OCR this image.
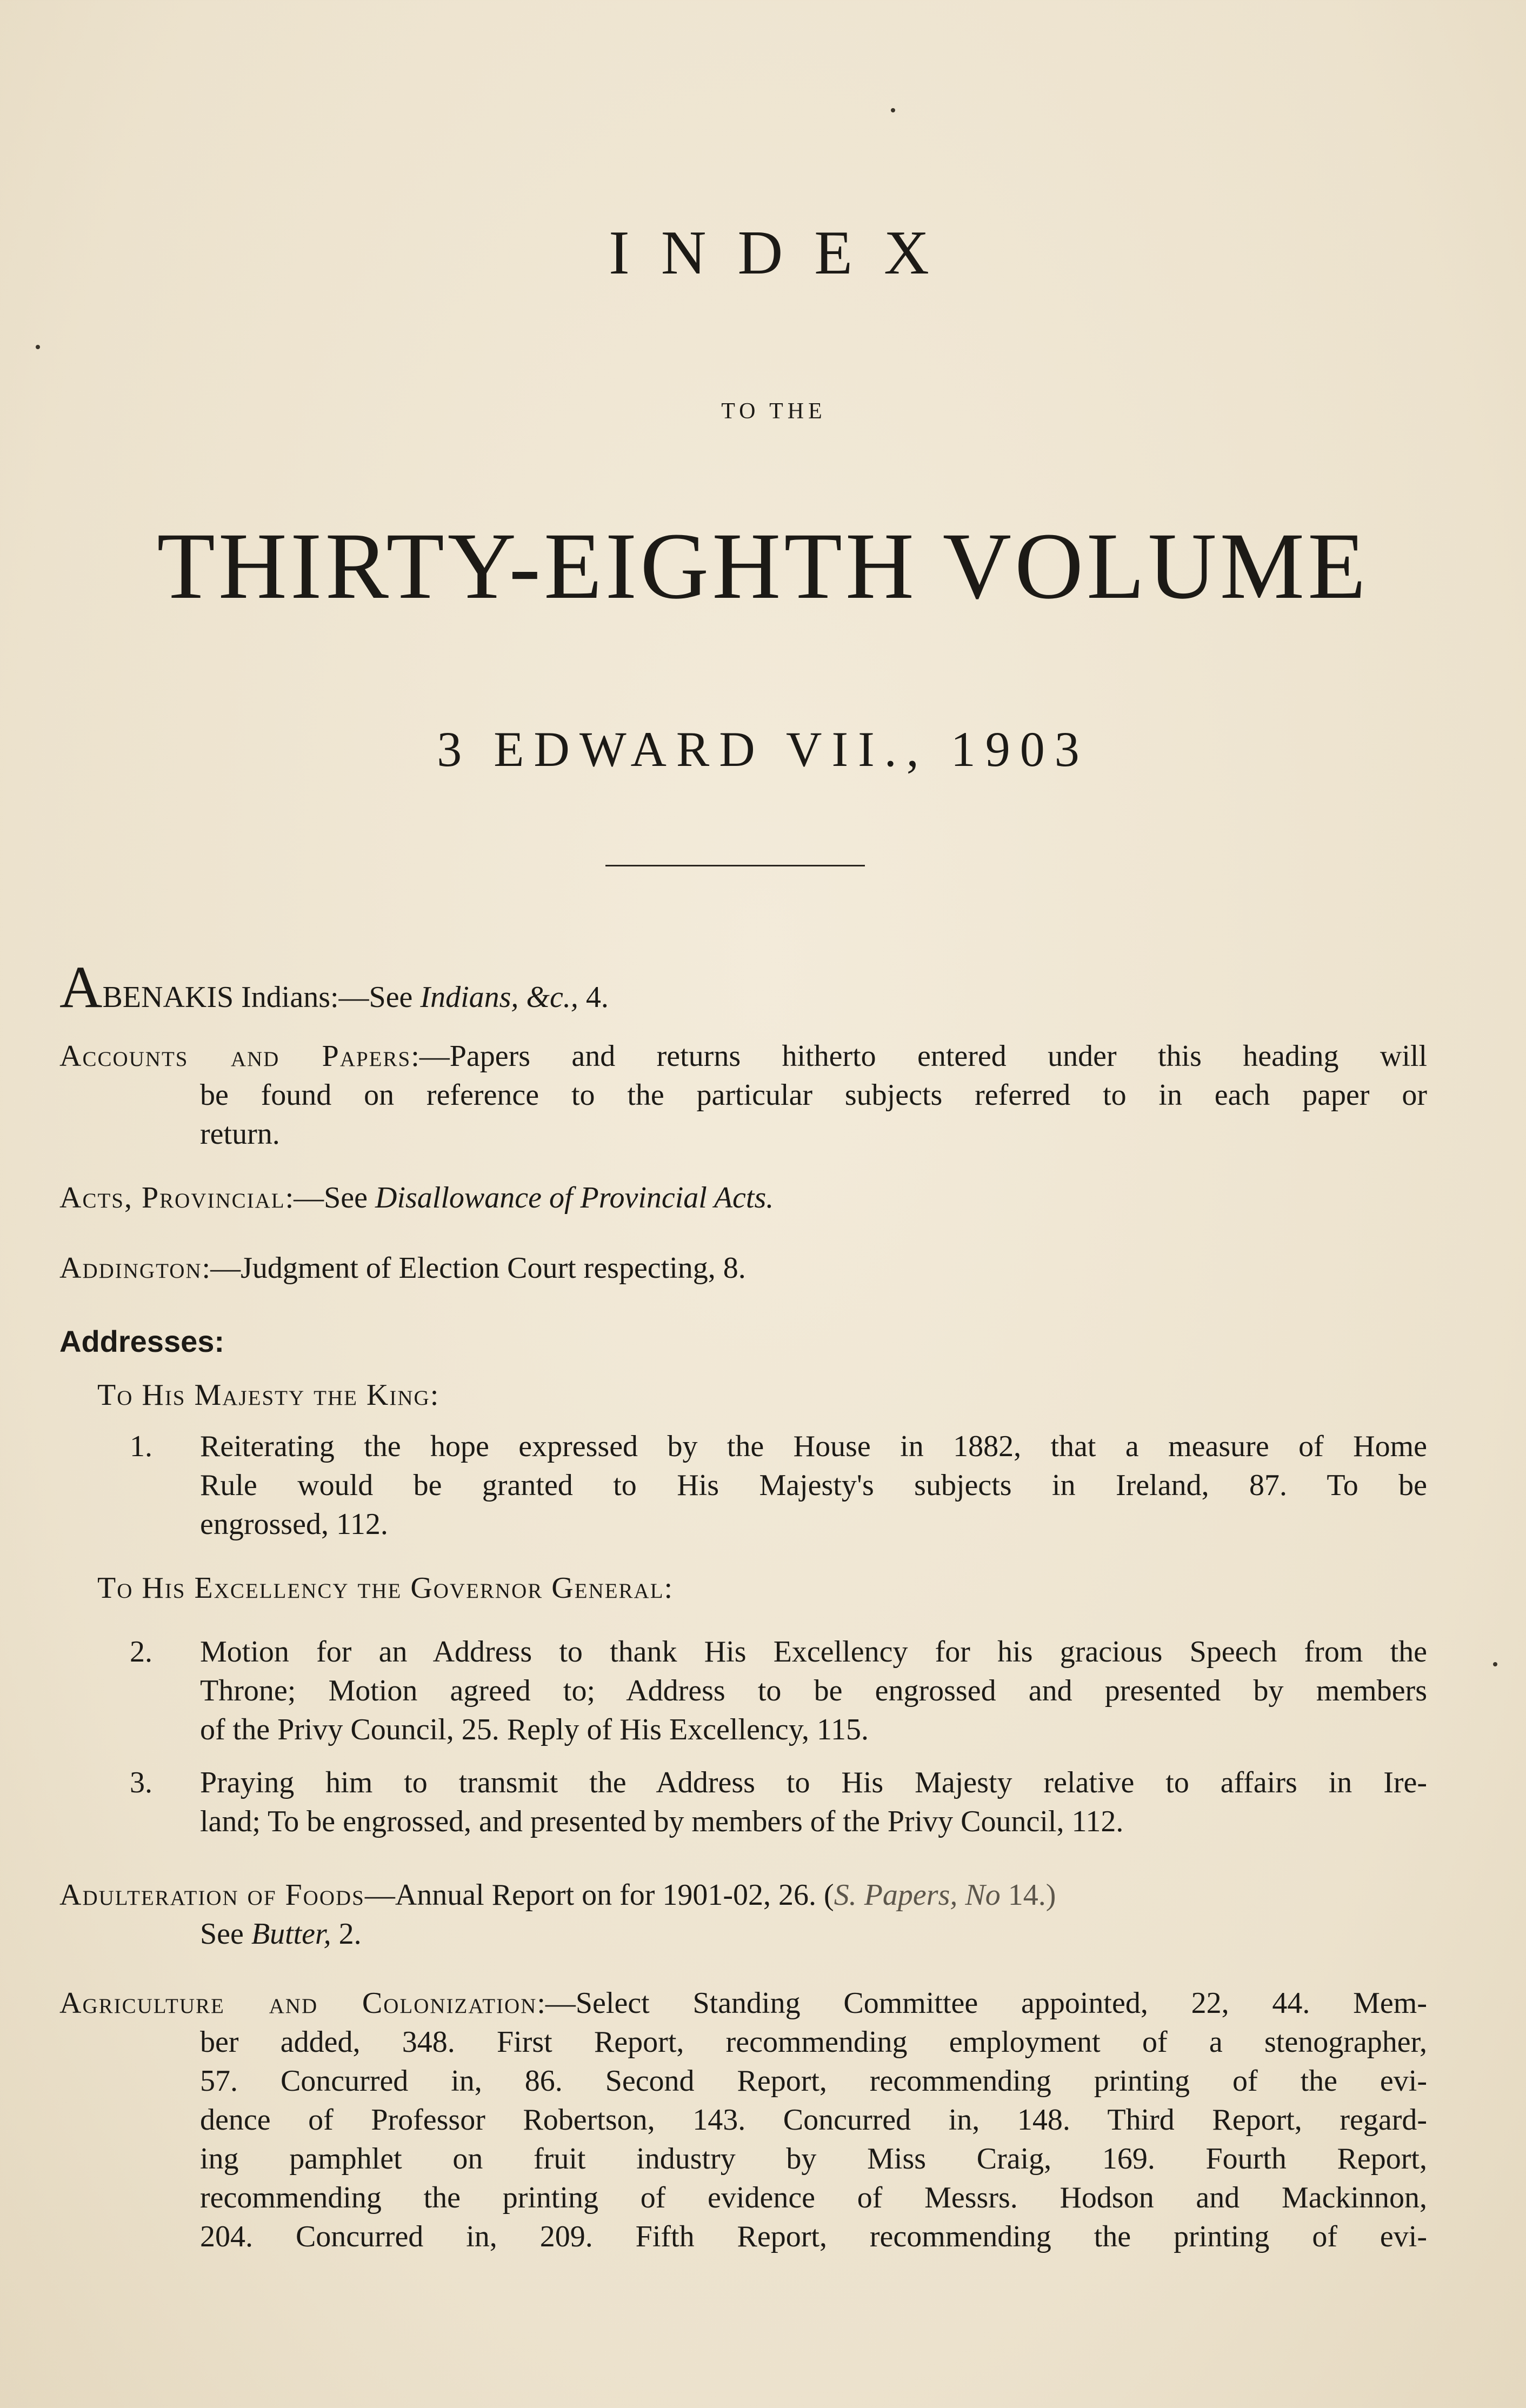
INDEX
TO THE
THIRTY-EIGHTH VOLUME
3 EDWARD VII., 1903
ABENAKIS Indians:—See Indians, &c., 4.
Accounts and Papers:—Papers and returns hitherto entered under this heading will
be found on reference to the particular subjects referred to in each paper or
return.
Acts, Provincial:—See Disallowance of Provincial Acts.
Addington:—Judgment of Election Court respecting, 8.
Addresses:
To His Majesty the King:
1. Reiterating the hope expressed by the House in 1882, that a measure of Home
Rule would be granted to His Majesty's subjects in Ireland, 87. To be
engrossed, 112.
To His Excellency the Governor General:
2. Motion for an Address to thank His Excellency for his gracious Speech from the
Throne; Motion agreed to; Address to be engrossed and presented by members
of the Privy Council, 25. Reply of His Excellency, 115.
3. Praying him to transmit the Address to His Majesty relative to affairs in Ire-
land; To be engrossed, and presented by members of the Privy Council, 112.
Adulteration of Foods—Annual Report on for 1901-02, 26. (S. Papers, No 14.)
See Butter, 2.
Agriculture and Colonization:—Select Standing Committee appointed, 22, 44. Mem-
ber added, 348. First Report, recommending employment of a stenographer,
57. Concurred in, 86. Second Report, recommending printing of the evi-
dence of Professor Robertson, 143. Concurred in, 148. Third Report, regard-
ing pamphlet on fruit industry by Miss Craig, 169. Fourth Report,
recommending the printing of evidence of Messrs. Hodson and Mackinnon,
204. Concurred in, 209. Fifth Report, recommending the printing of evi-
